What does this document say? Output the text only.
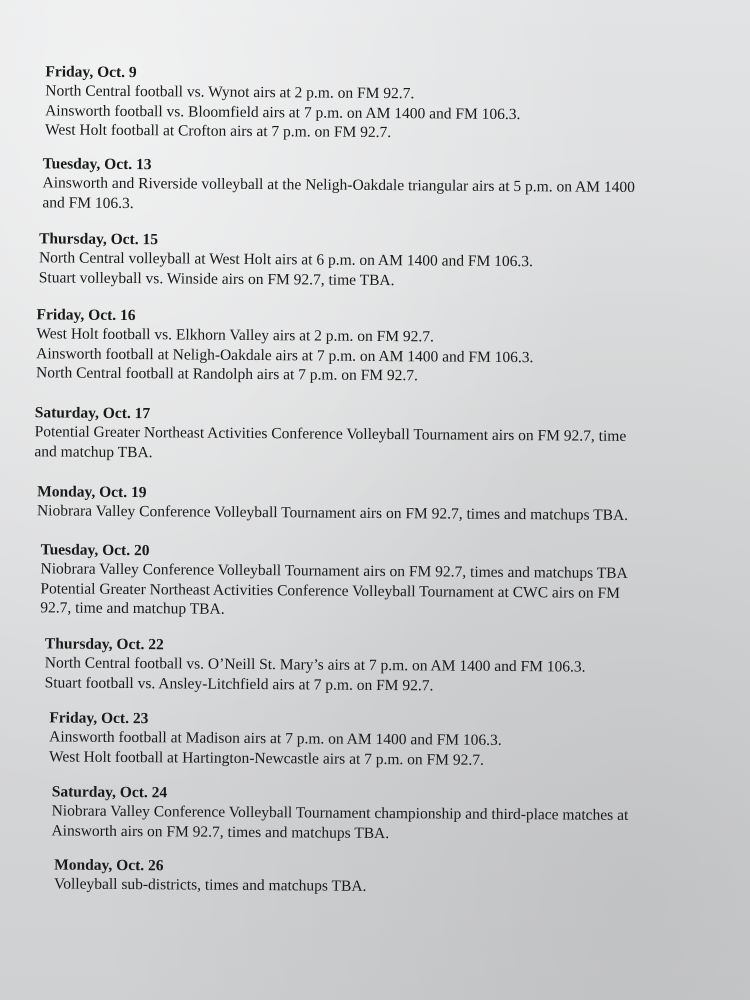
Friday, Oct. 9
North Central football vs. Wynot airs at 2 p.m. on FM 92.7.
Ainsworth football vs. Bloomfield airs at 7 p.m. on AM 1400 and FM 106.3.
West Holt football at Crofton airs at 7 p.m. on FM 92.7.
Tuesday, Oct. 13
Ainsworth and Riverside volleyball at the Neligh-Oakdale triangular airs at 5 p.m. on AM 1400
and FM 106.3.
Thursday, Oct. 15
North Central volleyball at West Holt airs at 6 p.m. on AM 1400 and FM 106.3.
Stuart volleyball vs. Winside airs on FM 92.7, time TBA.
Friday, Oct. 16
West Holt football vs. Elkhorn Valley airs at 2 p.m. on FM 92.7.
Ainsworth football at Neligh-Oakdale airs at 7 p.m. on AM 1400 and FM 106.3.
North Central football at Randolph airs at 7 p.m. on FM 92.7.
Saturday, Oct. 17
Potential Greater Northeast Activities Conference Volleyball Tournament airs on FM 92.7, time
and matchup TBA.
Monday, Oct. 19
Niobrara Valley Conference Volleyball Tournament airs on FM 92.7, times and matchups TBA.
Tuesday, Oct. 20
Niobrara Valley Conference Volleyball Tournament airs on FM 92.7, times and matchups TBA
Potential Greater Northeast Activities Conference Volleyball Tournament at CWC airs on FM
92.7, time and matchup TBA.
Thursday, Oct. 22
North Central football vs. O’Neill St. Mary’s airs at 7 p.m. on AM 1400 and FM 106.3.
Stuart football vs. Ansley-Litchfield airs at 7 p.m. on FM 92.7.
Friday, Oct. 23
Ainsworth football at Madison airs at 7 p.m. on AM 1400 and FM 106.3.
West Holt football at Hartington-Newcastle airs at 7 p.m. on FM 92.7.
Saturday, Oct. 24
Niobrara Valley Conference Volleyball Tournament championship and third-place matches at
Ainsworth airs on FM 92.7, times and matchups TBA.
Monday, Oct. 26
Volleyball sub-districts, times and matchups TBA.
